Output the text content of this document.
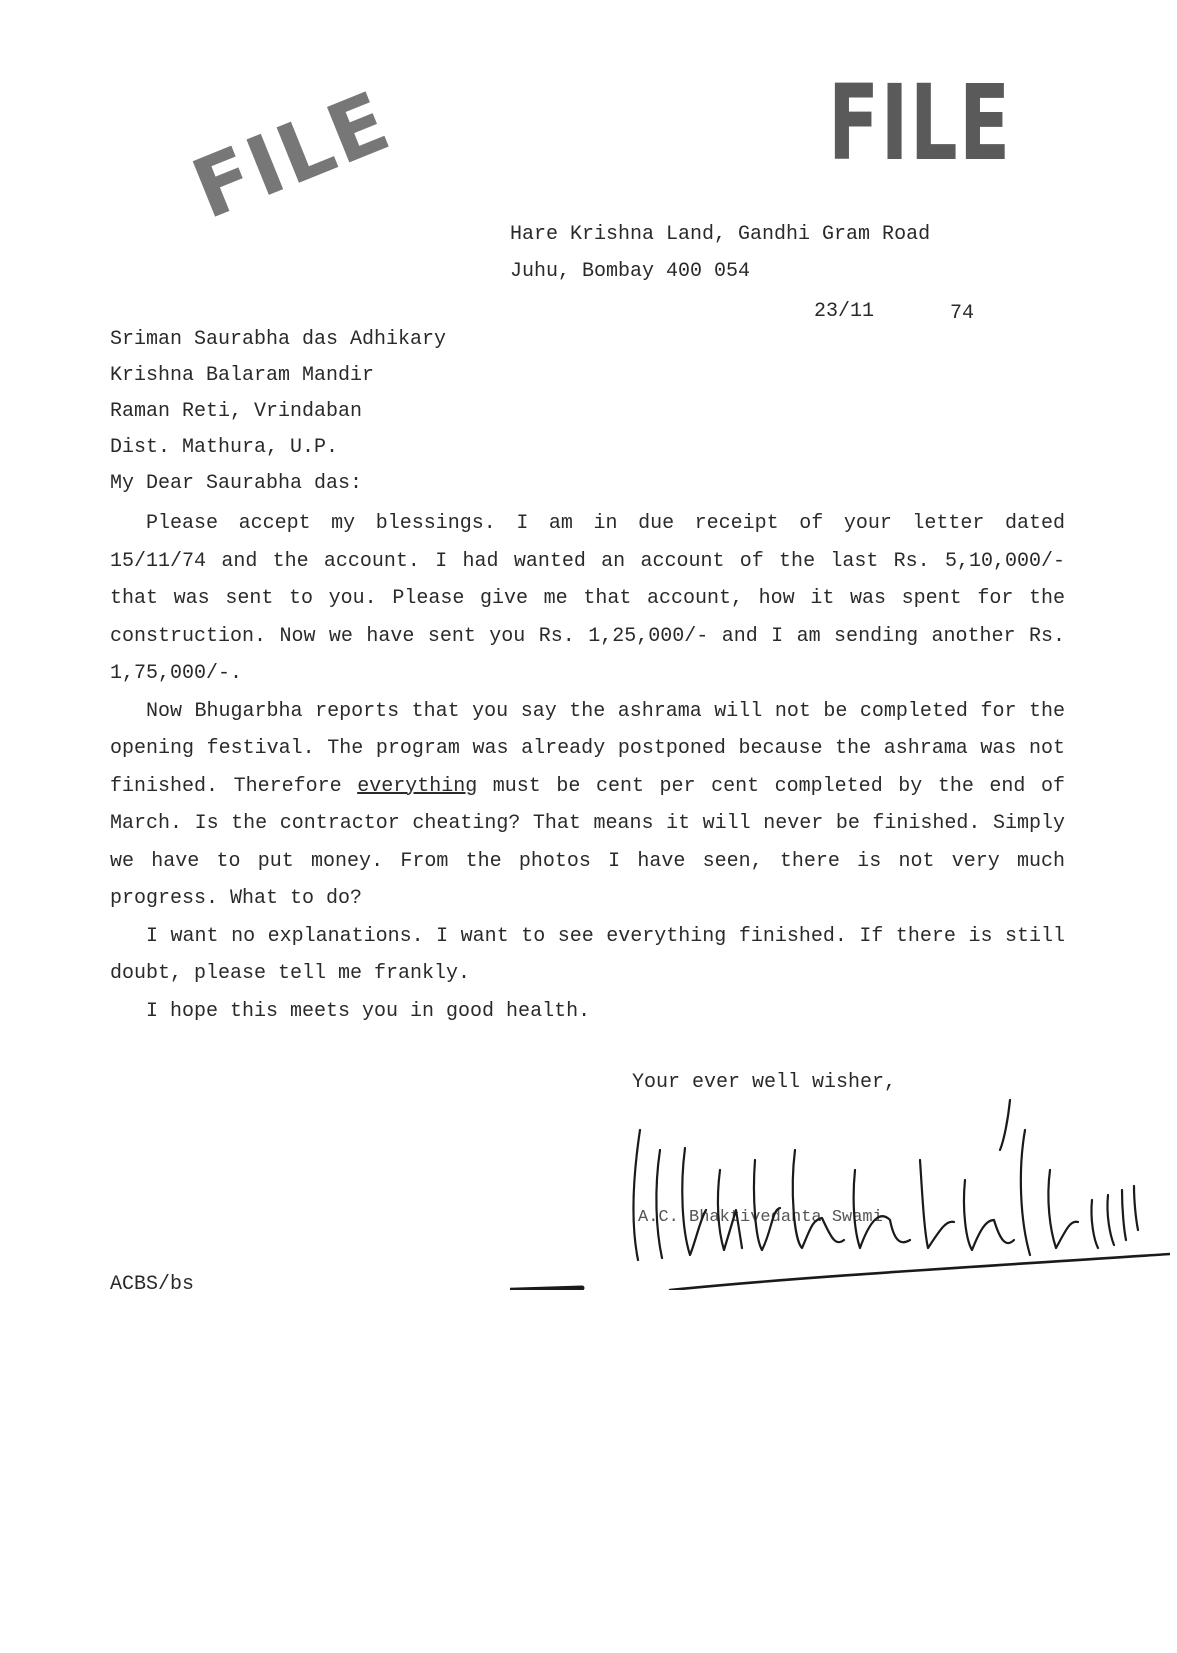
FILE	FILE
Hare Krishna Land, Gandhi Gram Road
Juhu, Bombay 400 054
23/11	74
Sriman Saurabha das Adhikary
Krishna Balaram Mandir
Raman Reti, Vrindaban
Dist. Mathura, U.P.
My Dear Saurabha das:

Please accept my blessings. I am in due receipt of your letter dated 15/11/74 and the account. I had wanted an account of the last Rs. 5,10,000/- that was sent to you. Please give me that account, how it was spent for the construction. Now we have sent you Rs. 1,25,000/- and I am sending another Rs. 1,75,000/-.

Now Bhugarbha reports that you say the ashrama will not be completed for the opening festival. The program was already postponed because the ashrama was not finished. Therefore everything must be cent per cent completed by the end of March. Is the contractor cheating? That means it will never be finished. Simply we have to put money. From the photos I have seen, there is not very much progress. What to do?

I want no explanations. I want to see everything finished. If there is still doubt, please tell me frankly.

I hope this meets you in good health.

Your ever well wisher,
A.C. Bhaktivedanta Swami
ACBS/bs
